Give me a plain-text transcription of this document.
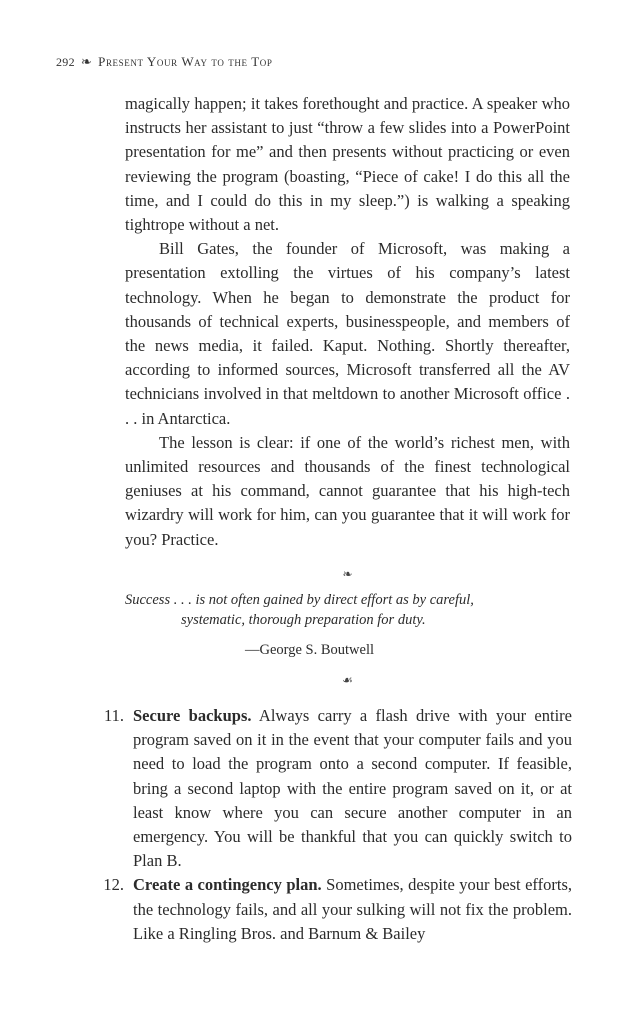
292 ❧ Present Your Way to the Top

magically happen; it takes forethought and practice. A speaker who instructs her assistant to just “throw a few slides into a PowerPoint presentation for me” and then presents without practicing or even reviewing the program (boasting, “Piece of cake! I do this all the time, and I could do this in my sleep.”) is walking a speaking tightrope without a net.

Bill Gates, the founder of Microsoft, was making a presentation extolling the virtues of his company’s latest technology. When he began to demonstrate the product for thousands of technical experts, businesspeople, and members of the news media, it failed. Kaput. Nothing. Shortly thereafter, according to informed sources, Microsoft transferred all the AV technicians involved in that meltdown to another Microsoft office . . . in Antarctica.

The lesson is clear: if one of the world’s richest men, with unlimited resources and thousands of the finest technological geniuses at his command, cannot guarantee that his high-tech wizardry will work for him, can you guarantee that it will work for you? Practice.

❧
Success . . . is not often gained by direct effort as by careful,
systematic, thorough preparation for duty.
—George S. Boutwell
☙
11. Secure backups. Always carry a flash drive with your entire program saved on it in the event that your computer fails and you need to load the program onto a second computer. If feasible, bring a second laptop with the entire program saved on it, or at least know where you can secure another computer in an emergency. You will be thankful that you can quickly switch to Plan B.
12. Create a contingency plan. Sometimes, despite your best efforts, the technology fails, and all your sulking will not fix the problem. Like a Ringling Bros. and Barnum & Bailey
